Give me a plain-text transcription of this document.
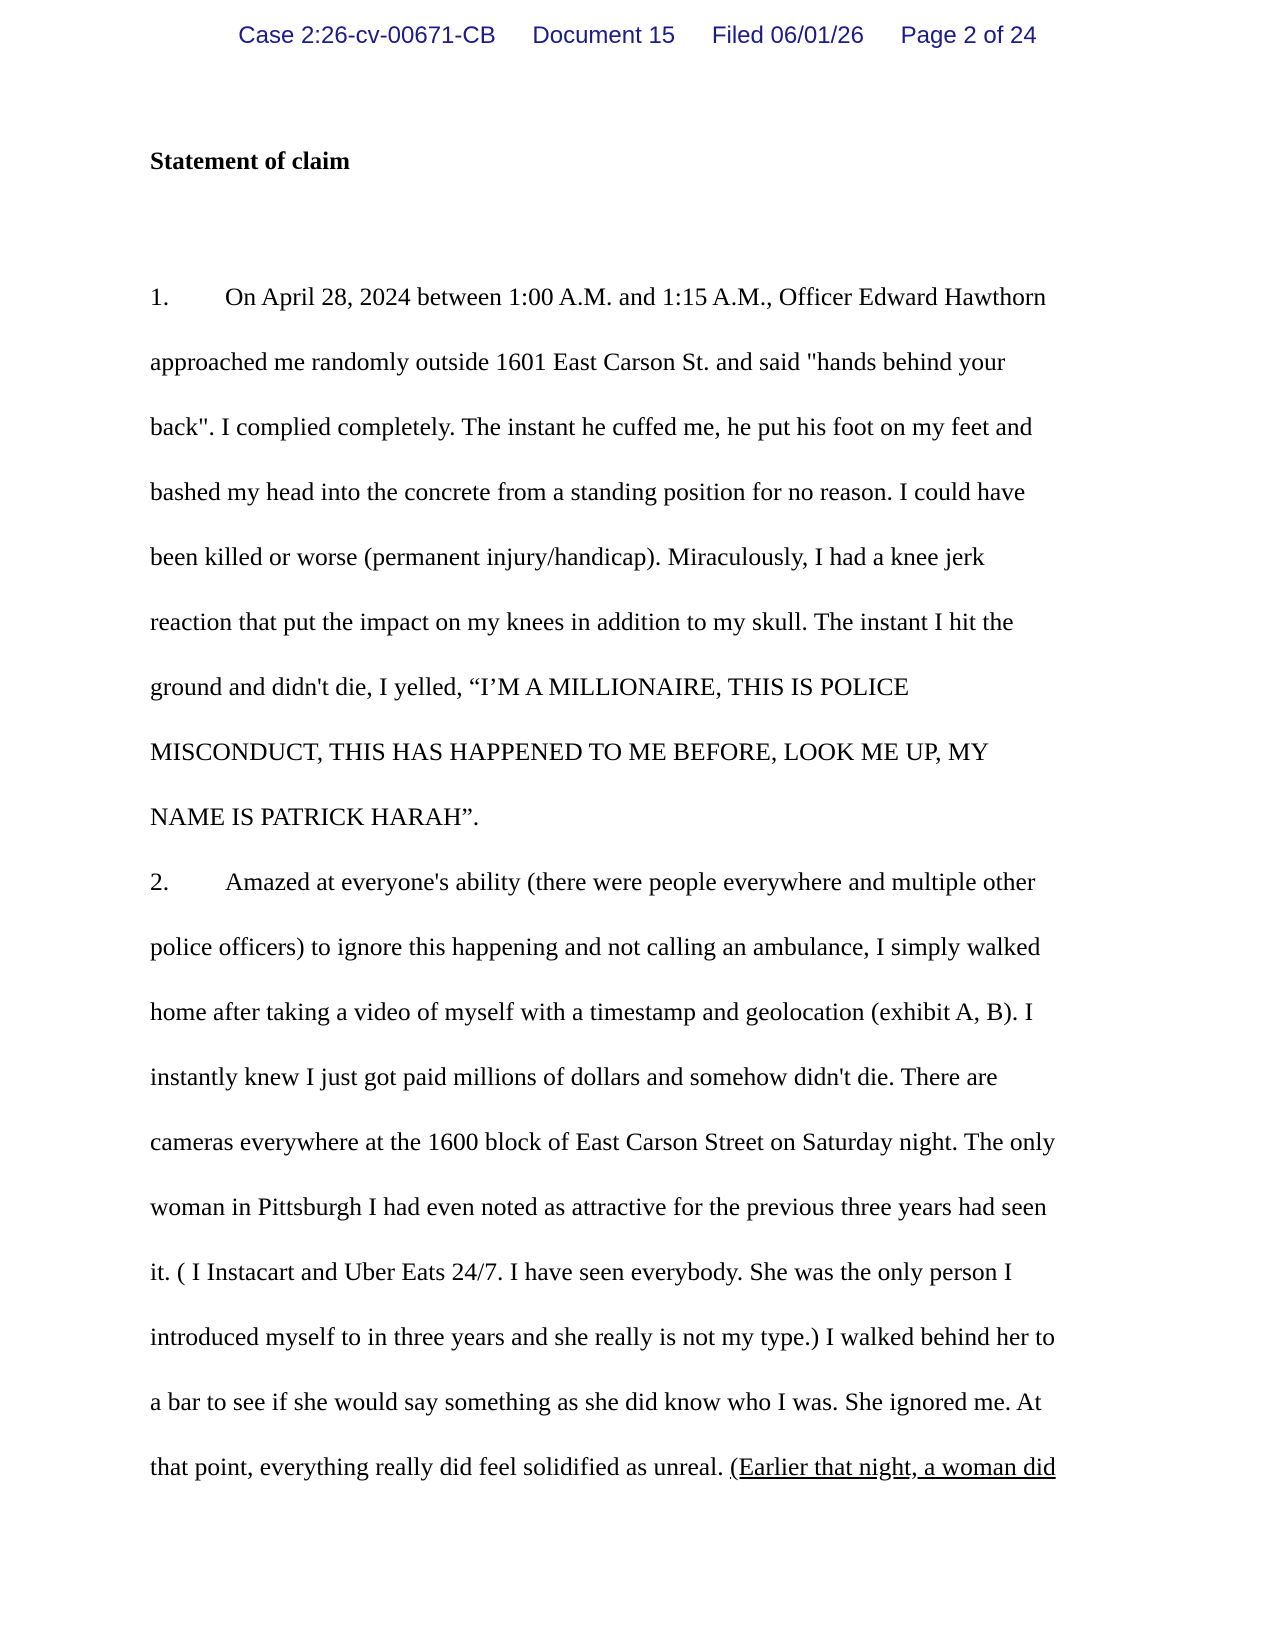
Case 2:26-cv-00671-CB Document 15 Filed 06/01/26 Page 2 of 24
Statement of claim
1. On April 28, 2024 between 1:00 A.M. and 1:15 A.M., Officer Edward Hawthorn
approached me randomly outside 1601 East Carson St. and said "hands behind your
back". I complied completely. The instant he cuffed me, he put his foot on my feet and
bashed my head into the concrete from a standing position for no reason. I could have
been killed or worse (permanent injury/handicap). Miraculously, I had a knee jerk
reaction that put the impact on my knees in addition to my skull. The instant I hit the
ground and didn't die, I yelled, “I’M A MILLIONAIRE, THIS IS POLICE
MISCONDUCT, THIS HAS HAPPENED TO ME BEFORE, LOOK ME UP, MY
NAME IS PATRICK HARAH”.
2. Amazed at everyone's ability (there were people everywhere and multiple other
police officers) to ignore this happening and not calling an ambulance, I simply walked
home after taking a video of myself with a timestamp and geolocation (exhibit A, B). I
instantly knew I just got paid millions of dollars and somehow didn't die. There are
cameras everywhere at the 1600 block of East Carson Street on Saturday night. The only
woman in Pittsburgh I had even noted as attractive for the previous three years had seen
it. ( I Instacart and Uber Eats 24/7. I have seen everybody. She was the only person I
introduced myself to in three years and she really is not my type.) I walked behind her to
a bar to see if she would say something as she did know who I was. She ignored me. At
that point, everything really did feel solidified as unreal. (Earlier that night, a woman did
